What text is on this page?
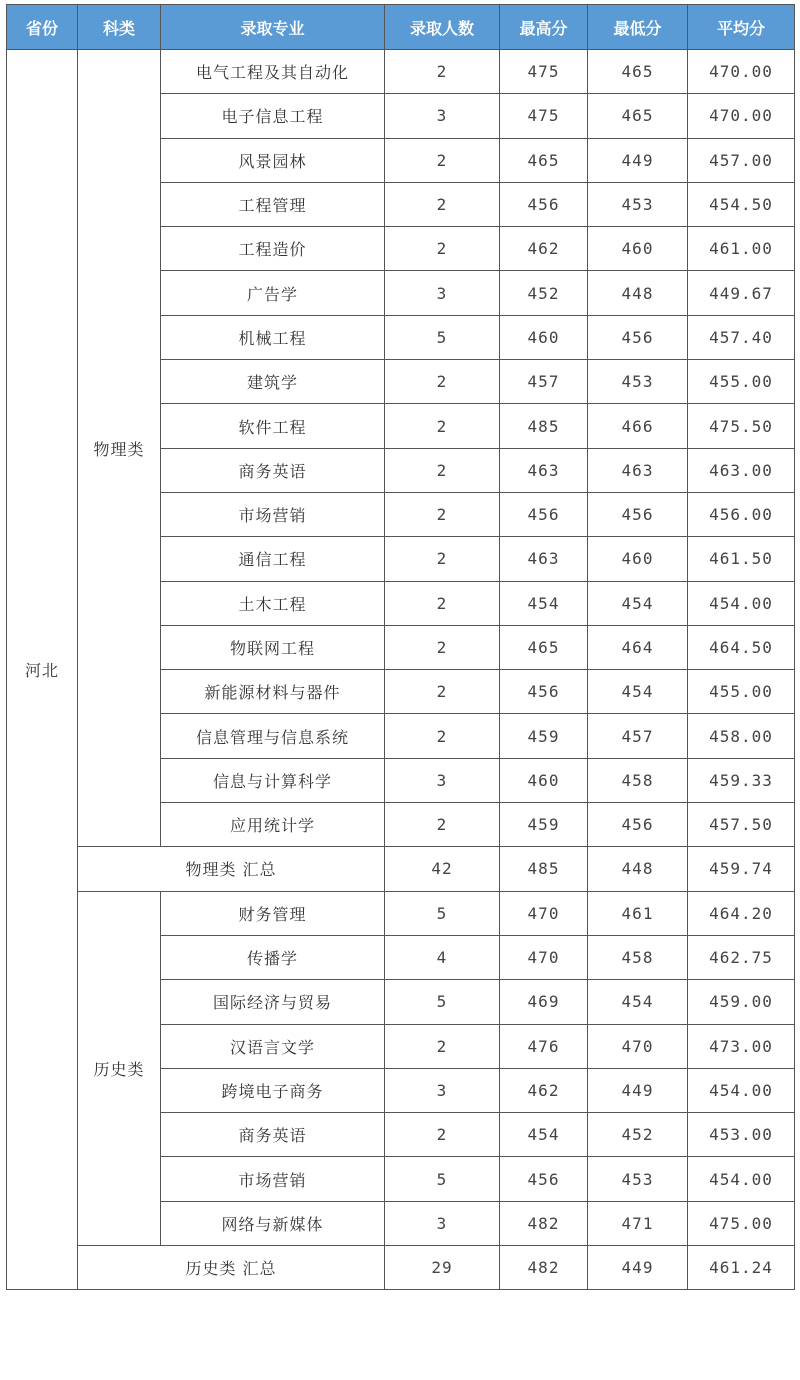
省份	科类	录取专业	录取人数	最高分	最低分	平均分
河北	物理类	电气工程及其自动化	2	475	465	470.00
		电子信息工程	3	475	465	470.00
		风景园林	2	465	449	457.00
		工程管理	2	456	453	454.50
		工程造价	2	462	460	461.00
		广告学	3	452	448	449.67
		机械工程	5	460	456	457.40
		建筑学	2	457	453	455.00
		软件工程	2	485	466	475.50
		商务英语	2	463	463	463.00
		市场营销	2	456	456	456.00
		通信工程	2	463	460	461.50
		土木工程	2	454	454	454.00
		物联网工程	2	465	464	464.50
		新能源材料与器件	2	456	454	455.00
		信息管理与信息系统	2	459	457	458.00
		信息与计算科学	3	460	458	459.33
		应用统计学	2	459	456	457.50
	物理类 汇总		42	485	448	459.74
	历史类	财务管理	5	470	461	464.20
		传播学	4	470	458	462.75
		国际经济与贸易	5	469	454	459.00
		汉语言文学	2	476	470	473.00
		跨境电子商务	3	462	449	454.00
		商务英语	2	454	452	453.00
		市场营销	5	456	453	454.00
		网络与新媒体	3	482	471	475.00
	历史类 汇总		29	482	449	461.24
